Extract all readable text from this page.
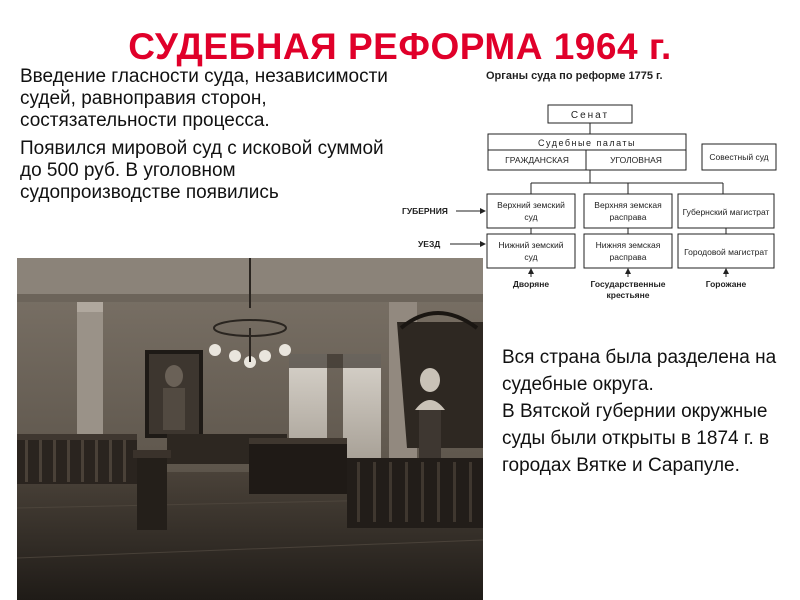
СУДЕБНАЯ РЕФОРМА 1964 г.

Введение гласности суда, независимости судей, равноправия сторон, состязательности процесса.

Появился мировой суд с исковой суммой до 500 руб. В уголовном судопроизводстве появились

Органы суда по реформе 1775 г.
Сенат
Судебные палаты
ГРАЖДАНСКАЯ	УГОЛОВНАЯ	Совестный суд
ГУБЕРНИЯ
УЕЗД
Верхний земский
суд
Верхняя земская
расправа	Губернский магистрат
Нижний земский
суд
Нижняя земская
расправа	Городовой магистрат
Дворяне	Государственные
крестьяне
Горожане

Вся страна была разделена на судебные округа.
В Вятской губернии окружные суды были открыты в 1874 г. в городах Вятке и Сарапуле.
